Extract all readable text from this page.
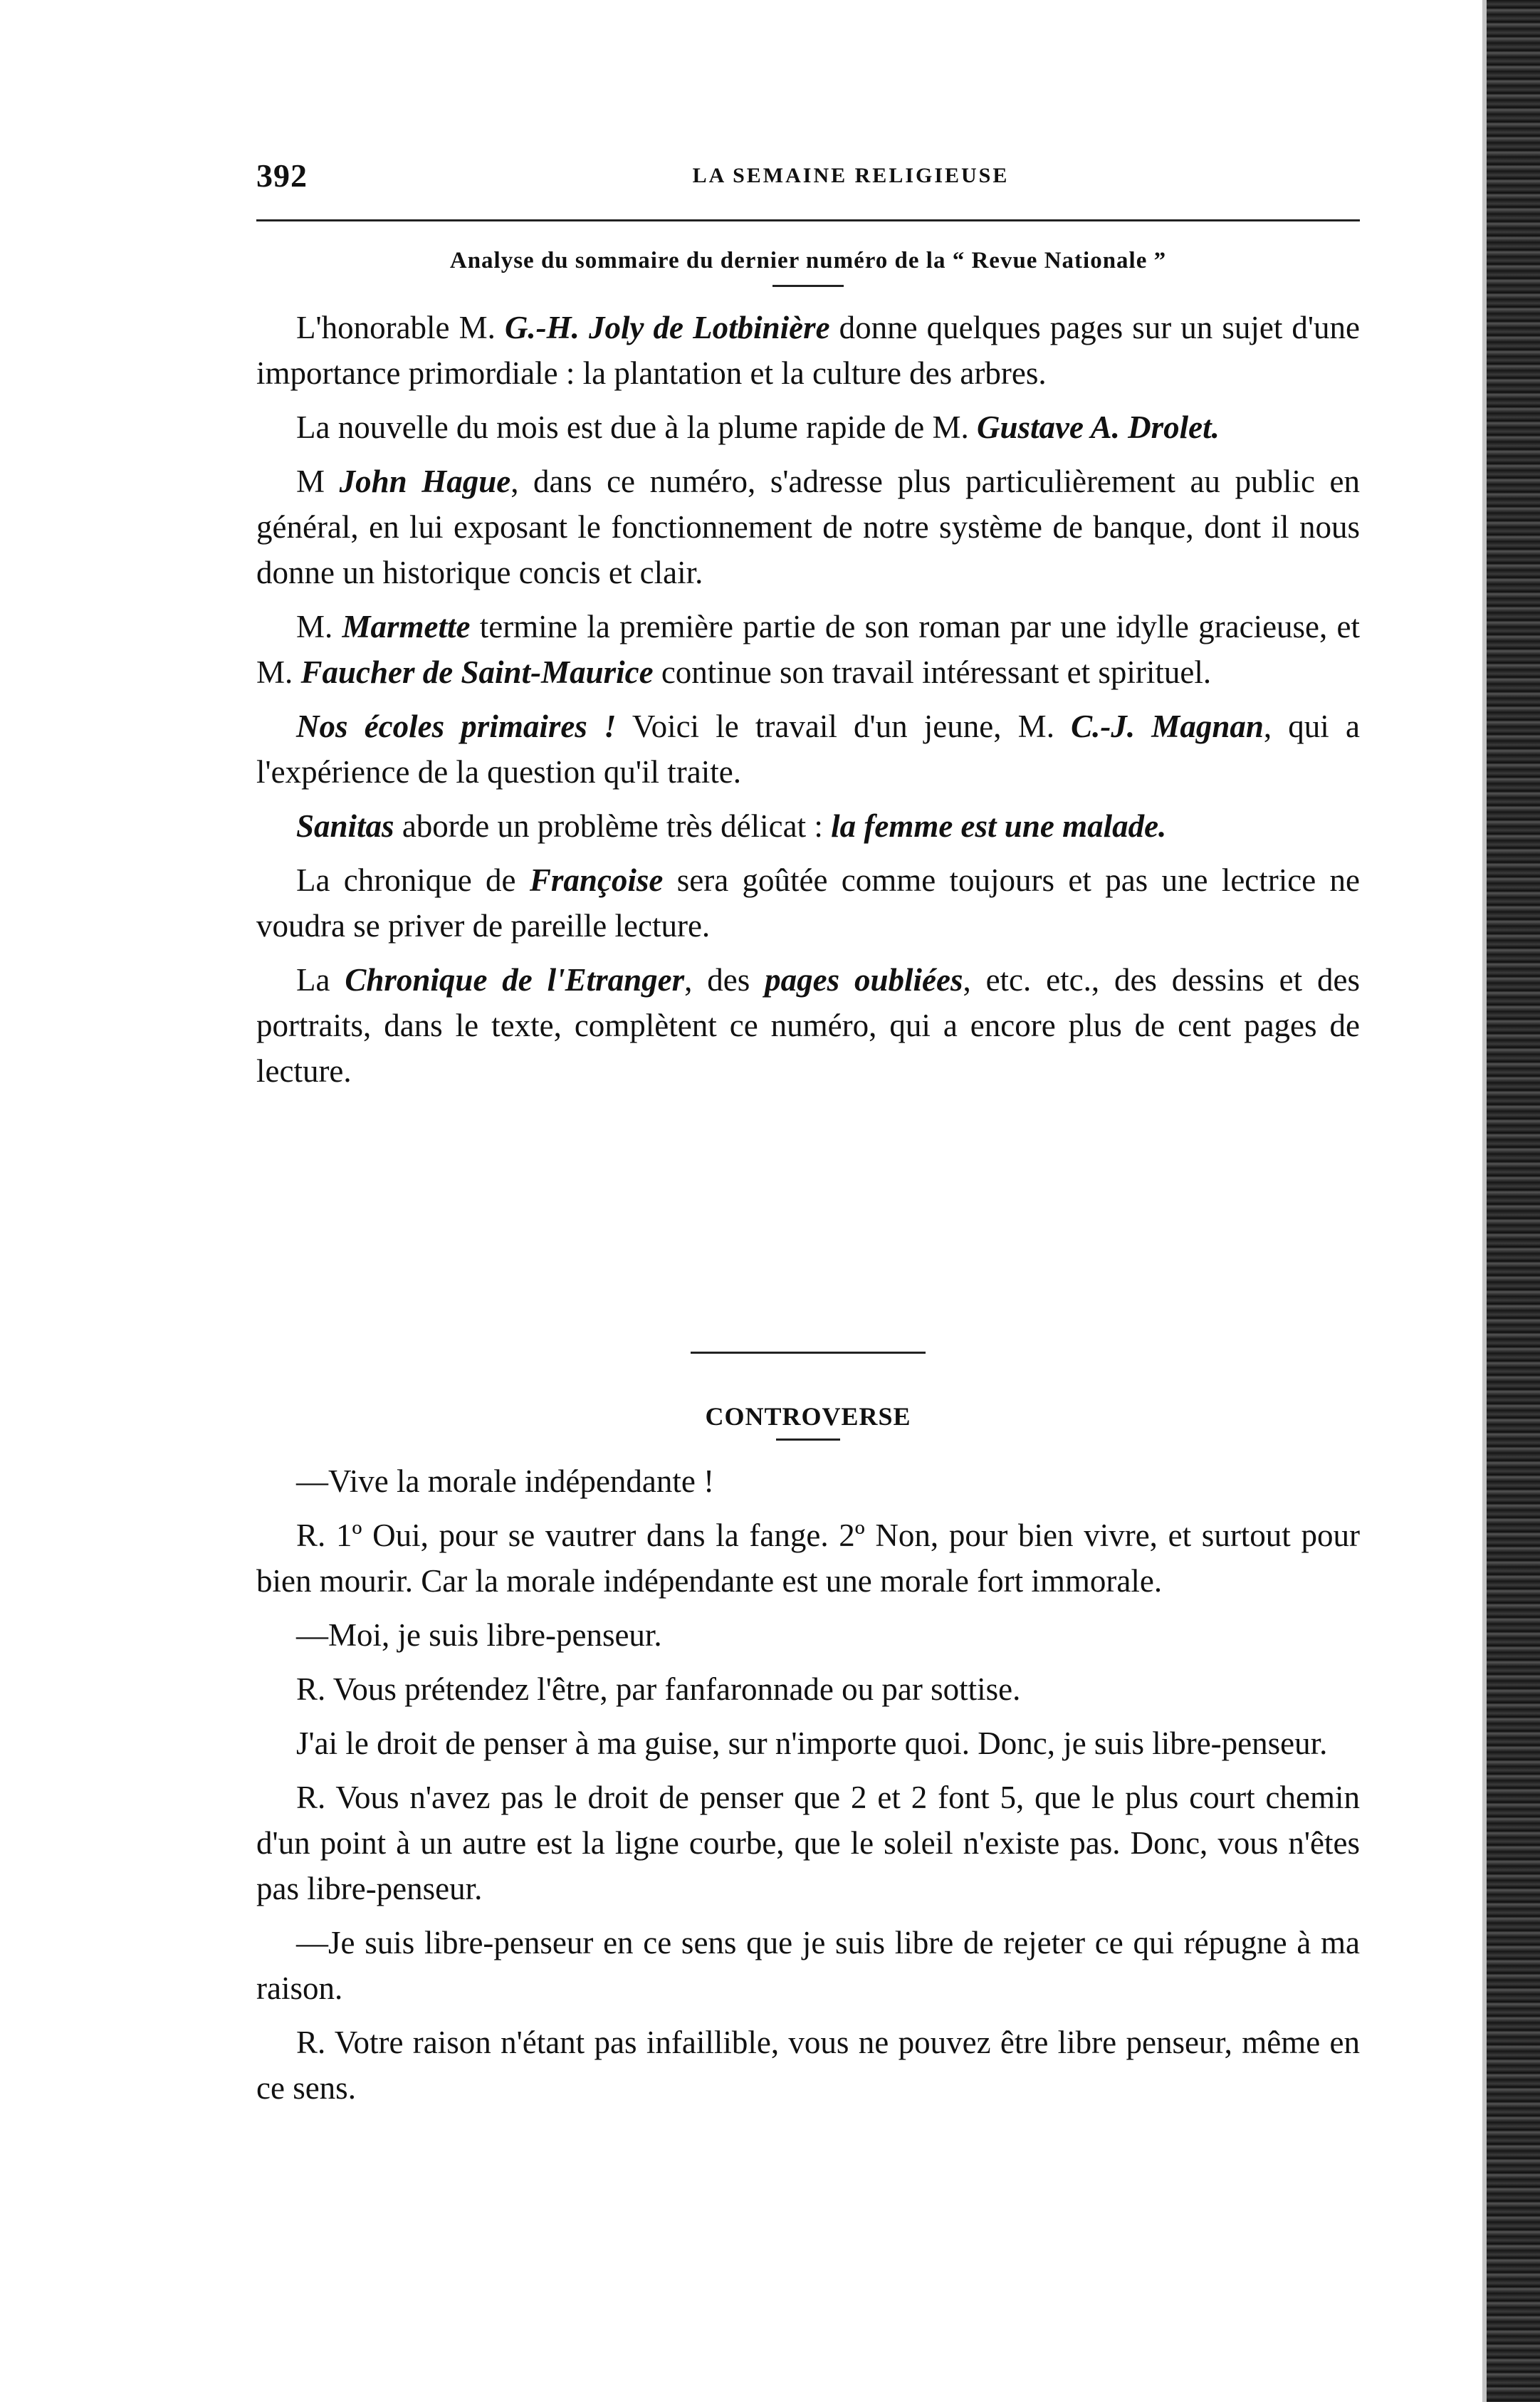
392	LA SEMAINE RELIGIEUSE
Analyse du sommaire du dernier numéro de la “ Revue Nationale ”

L'honorable M. G.-H. Joly de Lotbinière donne quelques pages sur un sujet d'une importance primordiale : la plantation et la culture des arbres.

La nouvelle du mois est due à la plume rapide de M. Gustave A. Drolet.

M John Hague, dans ce numéro, s'adresse plus particulièrement au public en général, en lui exposant le fonctionnement de notre système de banque, dont il nous donne un historique concis et clair.

M. Marmette termine la première partie de son roman par une idylle gracieuse, et M. Faucher de Saint-Maurice continue son travail intéressant et spirituel.

Nos écoles primaires ! Voici le travail d'un jeune, M. C.-J. Magnan, qui a l'expérience de la question qu'il traite.

Sanitas aborde un problème très délicat : la femme est une malade.

La chronique de Françoise sera goûtée comme toujours et pas une lectrice ne voudra se priver de pareille lecture.

La Chronique de l'Etranger, des pages oubliées, etc. etc., des dessins et des portraits, dans le texte, complètent ce numéro, qui a encore plus de cent pages de lecture.

CONTROVERSE

—Vive la morale indépendante !

R. 1º Oui, pour se vautrer dans la fange. 2º Non, pour bien vivre, et surtout pour bien mourir. Car la morale indépendante est une morale fort immorale.

—Moi, je suis libre-penseur.

R. Vous prétendez l'être, par fanfaronnade ou par sottise.

J'ai le droit de penser à ma guise, sur n'importe quoi. Donc, je suis libre-penseur.

R. Vous n'avez pas le droit de penser que 2 et 2 font 5, que le plus court chemin d'un point à un autre est la ligne courbe, que le soleil n'existe pas. Donc, vous n'êtes pas libre-penseur.

—Je suis libre-penseur en ce sens que je suis libre de rejeter ce qui répugne à ma raison.

R. Votre raison n'étant pas infaillible, vous ne pouvez être libre penseur, même en ce sens.
